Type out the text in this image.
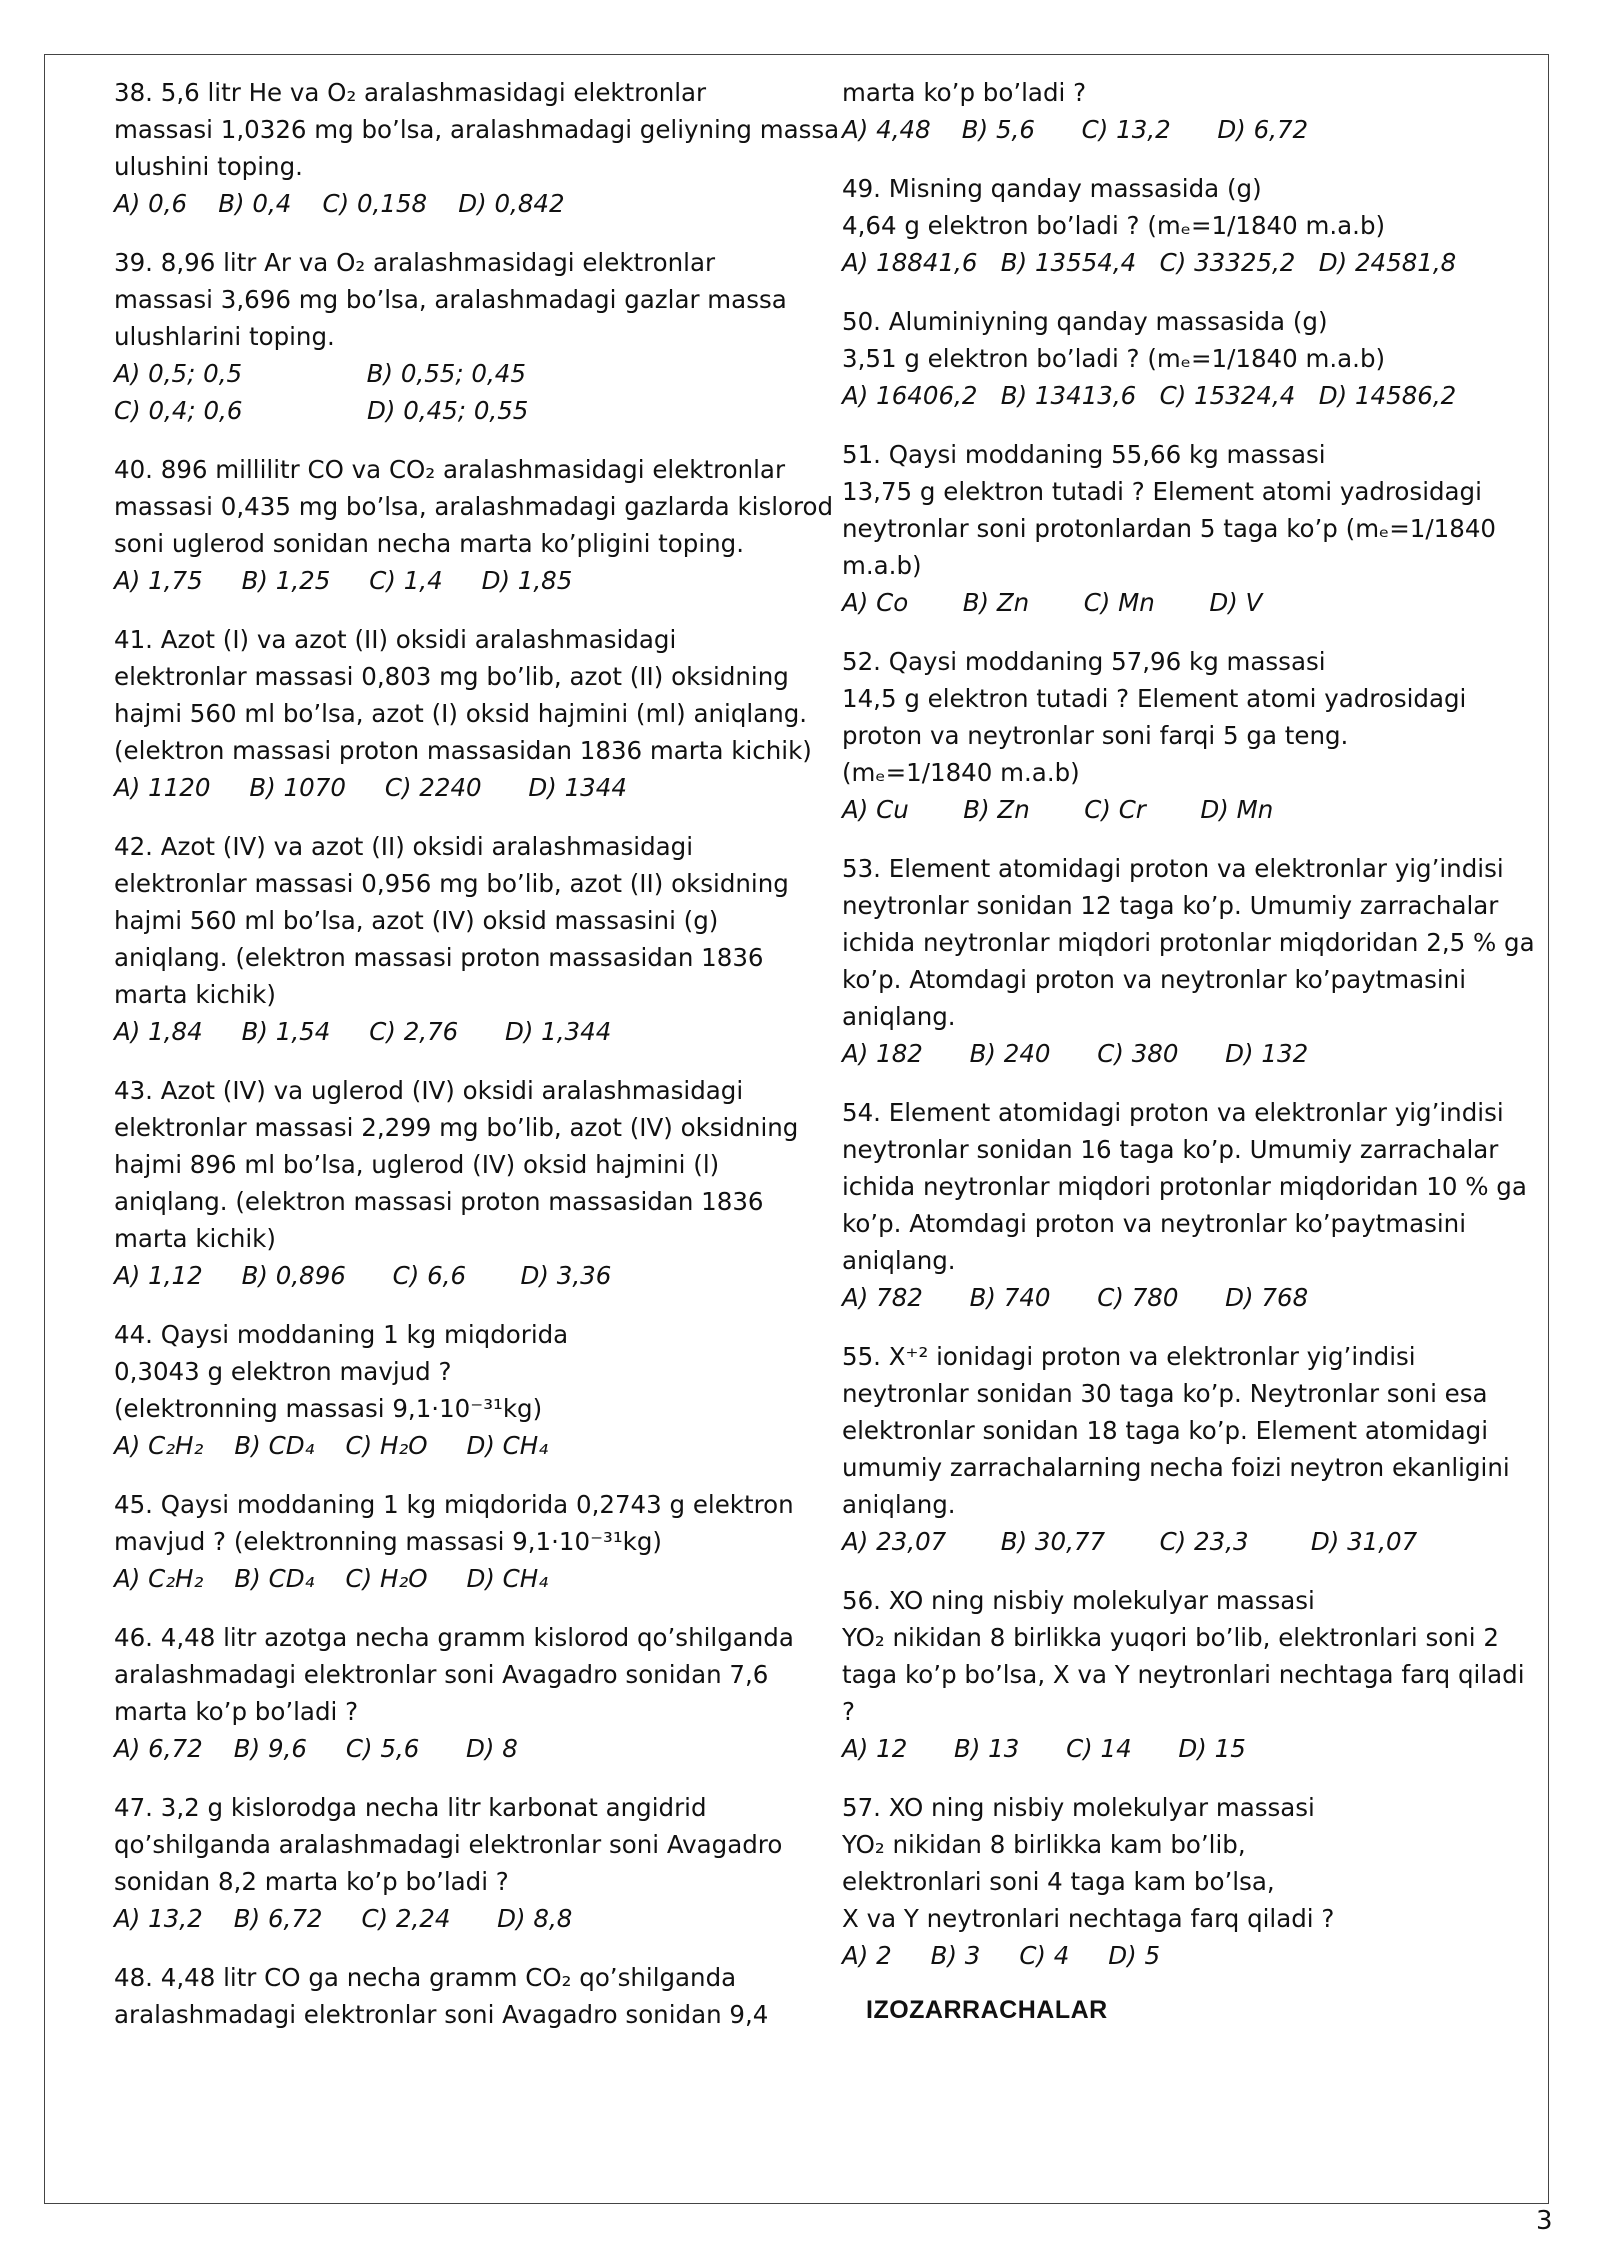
38. 5,6 litr He va O₂ aralashmasidagi elektronlar
massasi 1,0326 mg bo’lsa, aralashmadagi geliyning massa
ulushini toping.
A) 0,6    B) 0,4    C) 0,158    D) 0,842
39. 8,96 litr Ar va O₂ aralashmasidagi elektronlar
massasi 3,696 mg bo’lsa, aralashmadagi gazlar massa
ulushlarini toping.
A) 0,5; 0,5                B) 0,55; 0,45
C) 0,4; 0,6                D) 0,45; 0,55
40. 896 millilitr CO va CO₂ aralashmasidagi elektronlar
massasi 0,435 mg bo’lsa, aralashmadagi gazlarda kislorod
soni uglerod sonidan necha marta ko’pligini toping.
A) 1,75     B) 1,25     C) 1,4     D) 1,85
41. Azot (I) va azot (II) oksidi aralashmasidagi
elektronlar massasi 0,803 mg bo’lib, azot (II) oksidning
hajmi 560 ml bo’lsa, azot (I) oksid hajmini (ml) aniqlang.
(elektron massasi proton massasidan 1836 marta kichik)
A) 1120     B) 1070     C) 2240      D) 1344
42. Azot (IV) va azot (II) oksidi aralashmasidagi
elektronlar massasi 0,956 mg bo’lib, azot (II) oksidning
hajmi 560 ml bo’lsa, azot (IV) oksid massasini (g)
aniqlang. (elektron massasi proton massasidan 1836
marta kichik)
A) 1,84     B) 1,54     C) 2,76      D) 1,344
43. Azot (IV) va uglerod (IV) oksidi aralashmasidagi
elektronlar massasi 2,299 mg bo’lib, azot (IV) oksidning
hajmi 896 ml bo’lsa, uglerod (IV) oksid hajmini (l)
aniqlang. (elektron massasi proton massasidan 1836
marta kichik)
A) 1,12     B) 0,896      C) 6,6       D) 3,36
44. Qaysi moddaning 1 kg miqdorida
0,3043 g elektron mavjud ?
(elektronning massasi 9,1·10⁻³¹kg)
A) C₂H₂    B) CD₄    C) H₂O     D) CH₄
45. Qaysi moddaning 1 kg miqdorida 0,2743 g elektron
mavjud ? (elektronning massasi 9,1·10⁻³¹kg)
A) C₂H₂    B) CD₄    C) H₂O     D) CH₄
46. 4,48 litr azotga necha gramm kislorod qo’shilganda
aralashmadagi elektronlar soni Avagadro sonidan 7,6
marta ko’p bo’ladi ?
A) 6,72    B) 9,6     C) 5,6      D) 8
47. 3,2 g kislorodga necha litr karbonat angidrid
qo’shilganda aralashmadagi elektronlar soni Avagadro
sonidan 8,2 marta ko’p bo’ladi ?
A) 13,2    B) 6,72     C) 2,24      D) 8,8
48. 4,48 litr CO ga necha gramm CO₂ qo’shilganda
aralashmadagi elektronlar soni Avagadro sonidan 9,4
marta ko’p bo’ladi ?
A) 4,48    B) 5,6      C) 13,2      D) 6,72
49. Misning qanday massasida (g)
4,64 g elektron bo’ladi ? (mₑ=1/1840 m.a.b)
A) 18841,6   B) 13554,4   C) 33325,2   D) 24581,8
50. Aluminiyning qanday massasida (g)
3,51 g elektron bo’ladi ? (mₑ=1/1840 m.a.b)
A) 16406,2   B) 13413,6   C) 15324,4   D) 14586,2
51. Qaysi moddaning 55,66 kg massasi
13,75 g elektron tutadi ? Element atomi yadrosidagi
neytronlar soni protonlardan 5 taga ko’p (mₑ=1/1840
m.a.b)
A) Co       B) Zn       C) Mn       D) V
52. Qaysi moddaning 57,96 kg massasi
14,5 g elektron tutadi ? Element atomi yadrosidagi
proton va neytronlar soni farqi 5 ga teng.
(mₑ=1/1840 m.a.b)
A) Cu       B) Zn       C) Cr       D) Mn
53. Element atomidagi proton va elektronlar yig’indisi
neytronlar sonidan 12 taga ko’p. Umumiy zarrachalar
ichida neytronlar miqdori protonlar miqdoridan 2,5 % ga
ko’p. Atomdagi proton va neytronlar ko’paytmasini
aniqlang.
A) 182      B) 240      C) 380      D) 132
54. Element atomidagi proton va elektronlar yig’indisi
neytronlar sonidan 16 taga ko’p. Umumiy zarrachalar
ichida neytronlar miqdori protonlar miqdoridan 10 % ga
ko’p. Atomdagi proton va neytronlar ko’paytmasini
aniqlang.
A) 782      B) 740      C) 780      D) 768
55. X⁺² ionidagi proton va elektronlar yig’indisi
neytronlar sonidan 30 taga ko’p. Neytronlar soni esa
elektronlar sonidan 18 taga ko’p. Element atomidagi
umumiy zarrachalarning necha foizi neytron ekanligini
aniqlang.
A) 23,07       B) 30,77       C) 23,3        D) 31,07
56. XO ning nisbiy molekulyar massasi
YO₂ nikidan 8 birlikka yuqori bo’lib, elektronlari soni 2
taga ko’p bo’lsa, X va Y neytronlari nechtaga farq qiladi
?
A) 12      B) 13      C) 14      D) 15
57. XO ning nisbiy molekulyar massasi
YO₂ nikidan 8 birlikka kam bo’lib,
elektronlari soni 4 taga kam bo’lsa,
X va Y neytronlari nechtaga farq qiladi ?
A) 2     B) 3     C) 4     D) 5
IZOZARRACHALAR
3
